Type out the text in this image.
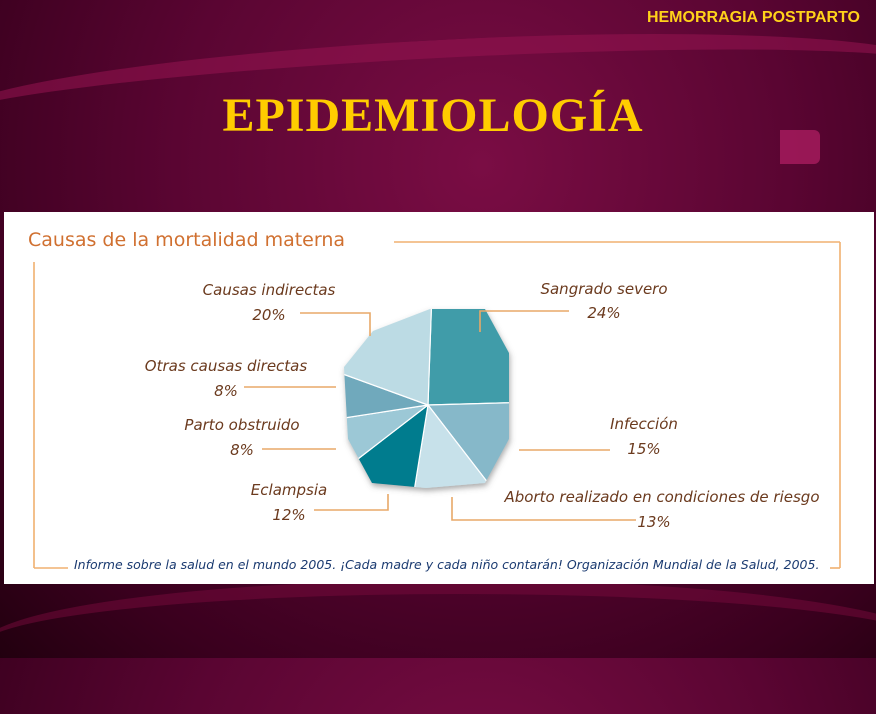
HEMORRAGIA POSTPARTO
EPIDEMIOLOGÍA
Causas de la mortalidad materna
Informe sobre la salud en el mundo 2005. ¡Cada madre y cada niño contarán! Organización Mundial de la Salud, 2005.
Sangrado severo
24%
Infección
15%
Aborto realizado en condiciones de riesgo
13%
Eclampsia
12%
Parto obstruido
8%
Otras causas directas
8%
Causas indirectas
20%
